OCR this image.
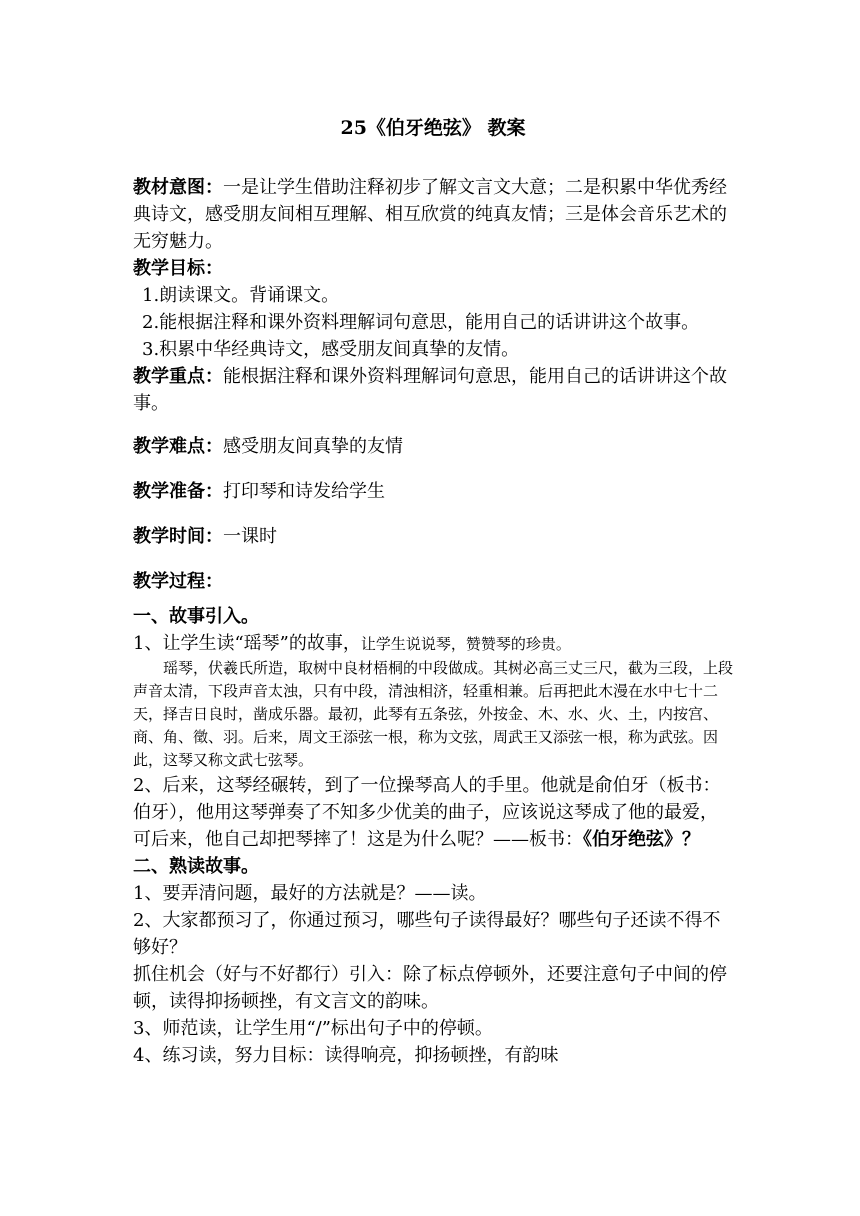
25《伯牙绝弦》 教案

教材意图：一是让学生借助注释初步了解文言文大意；二是积累中华优秀经典诗文，感受朋友间相互理解、相互欣赏的纯真友情；三是体会音乐艺术的无穷魅力。

教学目标：

1.朗读课文。背诵课文。

2.能根据注释和课外资料理解词句意思，能用自己的话讲讲这个故事。

3.积累中华经典诗文，感受朋友间真挚的友情。

教学重点：能根据注释和课外资料理解词句意思，能用自己的话讲讲这个故事。

教学难点：感受朋友间真挚的友情

教学准备：打印琴和诗发给学生

教学时间：一课时

教学过程：

一、故事引入。

1、让学生读“瑶琴”的故事，让学生说说琴，赞赞琴的珍贵。

瑶琴，伏羲氏所造，取树中良材梧桐的中段做成。其树必高三丈三尺，截为三段，上段声音太清，下段声音太浊，只有中段，清浊相济，轻重相兼。后再把此木漫在水中七十二天，择吉日良时，凿成乐器。最初，此琴有五条弦，外按金、木、水、火、土，内按宫、商、角、徵、羽。后来，周文王添弦一根，称为文弦，周武王又添弦一根，称为武弦。因此，这琴又称文武七弦琴。

2、后来，这琴经碾转，到了一位操琴高人的手里。他就是俞伯牙（板书：伯牙），他用这琴弹奏了不知多少优美的曲子，应该说这琴成了他的最爱，可后来，他自己却把琴摔了！这是为什么呢？——板书：《伯牙绝弦》？

二、熟读故事。

1、要弄清问题，最好的方法就是？——读。

2、大家都预习了，你通过预习，哪些句子读得最好？哪些句子还读不得不够好？

抓住机会（好与不好都行）引入：除了标点停顿外，还要注意句子中间的停顿，读得抑扬顿挫，有文言文的韵味。

3、师范读，让学生用“/”标出句子中的停顿。

4、练习读，努力目标：读得响亮，抑扬顿挫，有韵味
